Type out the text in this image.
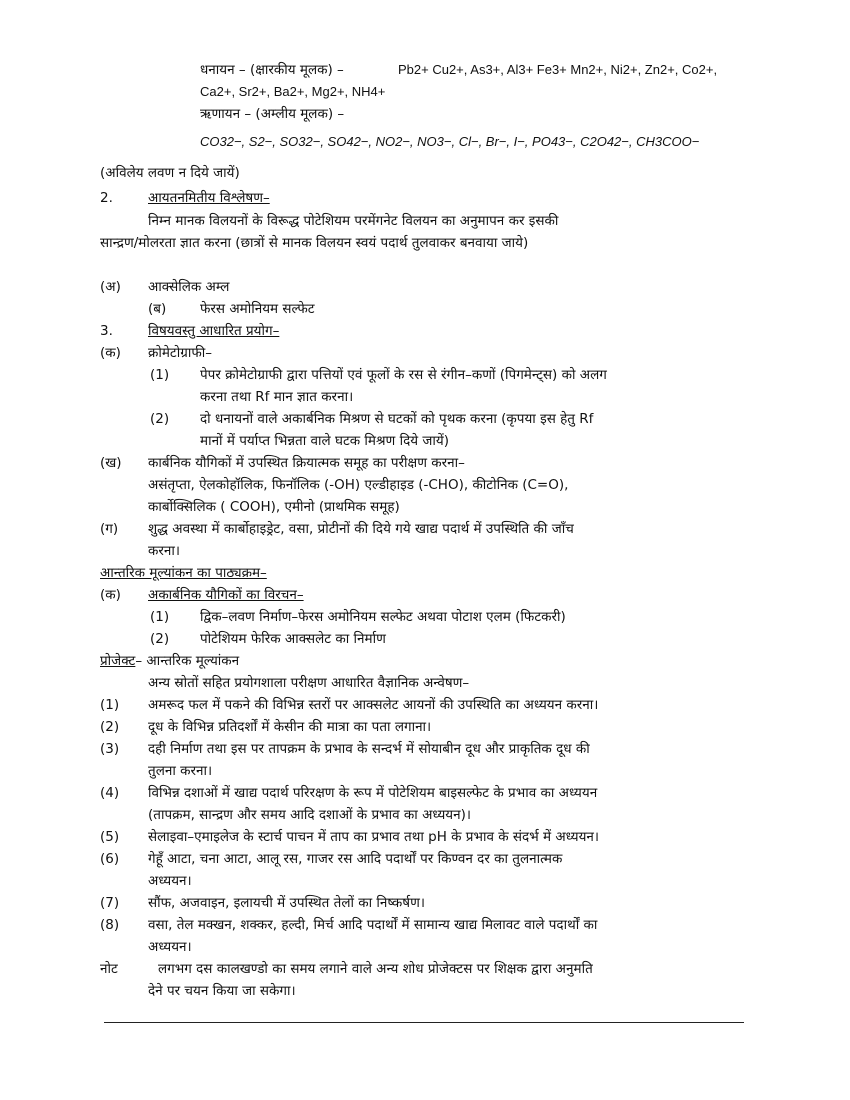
धनायन – (क्षारकीय मूलक) –	Pb2+ Cu2+, As3+, Al3+ Fe3+ Mn2+, Ni2+, Zn2+, Co2+,
Ca2+, Sr2+, Ba2+, Mg2+, NH4+
ऋणायन – (अम्लीय मूलक) –
CO32−, S2−, SO32−, SO42−, NO2−, NO3−, Cl−, Br−, I−, PO43−, C2O42−, CH3COO−
(अविलेय लवण न दिये जायें)
2.	आयतनमितीय विश्लेषण–
निम्न मानक विलयनों के विरूद्ध पोटेशियम परमेंगनेट विलयन का अनुमापन कर इसकी
सान्द्रण/मोलरता ज्ञात करना (छात्रों से मानक विलयन स्वयं पदार्थ तुलवाकर बनवाया जाये)
(अ) आक्सेलिक अम्ल
(ब)	फेरस अमोनियम सल्फेट
3.	विषयवस्तु आधारित प्रयोग–
(क) क्रोमेटोग्राफी–
(1) पेपर क्रोमेटोग्राफी द्वारा पत्तियों एवं फूलों के रस से रंगीन–कणों (पिगमेन्ट्स) को अलग
करना तथा Rf मान ज्ञात करना।
(2) दो धनायनों वाले अकार्बनिक मिश्रण से घटकों को पृथक करना (कृपया इस हेतु Rf
मानों में पर्याप्त भिन्नता वाले घटक मिश्रण दिये जायें)
(ख) कार्बनिक यौगिकों में उपस्थित क्रियात्मक समूह का परीक्षण करना–
असंतृप्ता, ऐलकोहॉलिक, फिनॉलिक (-OH) एल्डीहाइड (-CHO), कीटोनिक (C=O),
कार्बोक्सिलिक ( COOH), एमीनो (प्राथमिक समूह)
(ग) शुद्ध अवस्था में कार्बोहाइड्रेट, वसा, प्रोटीनों की दिये गये खाद्य पदार्थ में उपस्थिति की जाँच
करना।
आन्तरिक मूल्यांकन का पाठ्यक्रम–
(क) अकार्बनिक यौगिकों का विरचन–
(1) द्विक–लवण निर्माण–फेरस अमोनियम सल्फेट अथवा पोटाश एलम (फिटकरी)
(2) पोटेशियम फेरिक आक्सलेट का निर्माण
प्रोजेक्ट– आन्तरिक मूल्यांकन
अन्य स्रोतों सहित प्रयोगशाला परीक्षण आधारित वैज्ञानिक अन्वेषण–
(1) अमरूद फल में पकने की विभिन्न स्तरों पर आक्सलेट आयनों की उपस्थिति का अध्ययन करना।
(2) दूध के विभिन्न प्रतिदर्शों में केसीन की मात्रा का पता लगाना।
(3) दही निर्माण तथा इस पर तापक्रम के प्रभाव के सन्दर्भ में सोयाबीन दूध और प्राकृतिक दूध की
तुलना करना।
(4) विभिन्न दशाओं में खाद्य पदार्थ परिरक्षण के रूप में पोटेशियम बाइसल्फेट के प्रभाव का अध्ययन
(तापक्रम, सान्द्रण और समय आदि दशाओं के प्रभाव का अध्ययन)।
(5) सेलाइवा–एमाइलेज के स्टार्च पाचन में ताप का प्रभाव तथा pH के प्रभाव के संदर्भ में अध्ययन।
(6) गेहूँ आटा, चना आटा, आलू रस, गाजर रस आदि पदार्थों पर किण्वन दर का तुलनात्मक
अध्ययन।
(7) सौंफ, अजवाइन, इलायची में उपस्थित तेलों का निष्कर्षण।
(8) वसा, तेल मक्खन, शक्कर, हल्दी, मिर्च आदि पदार्थों में सामान्य खाद्य मिलावट वाले पदार्थों का
अध्ययन।
नोट	लगभग दस कालखण्डो का समय लगाने वाले अन्य शोध प्रोजेक्टस पर शिक्षक द्वारा अनुमति
देने पर चयन किया जा सकेगा।
